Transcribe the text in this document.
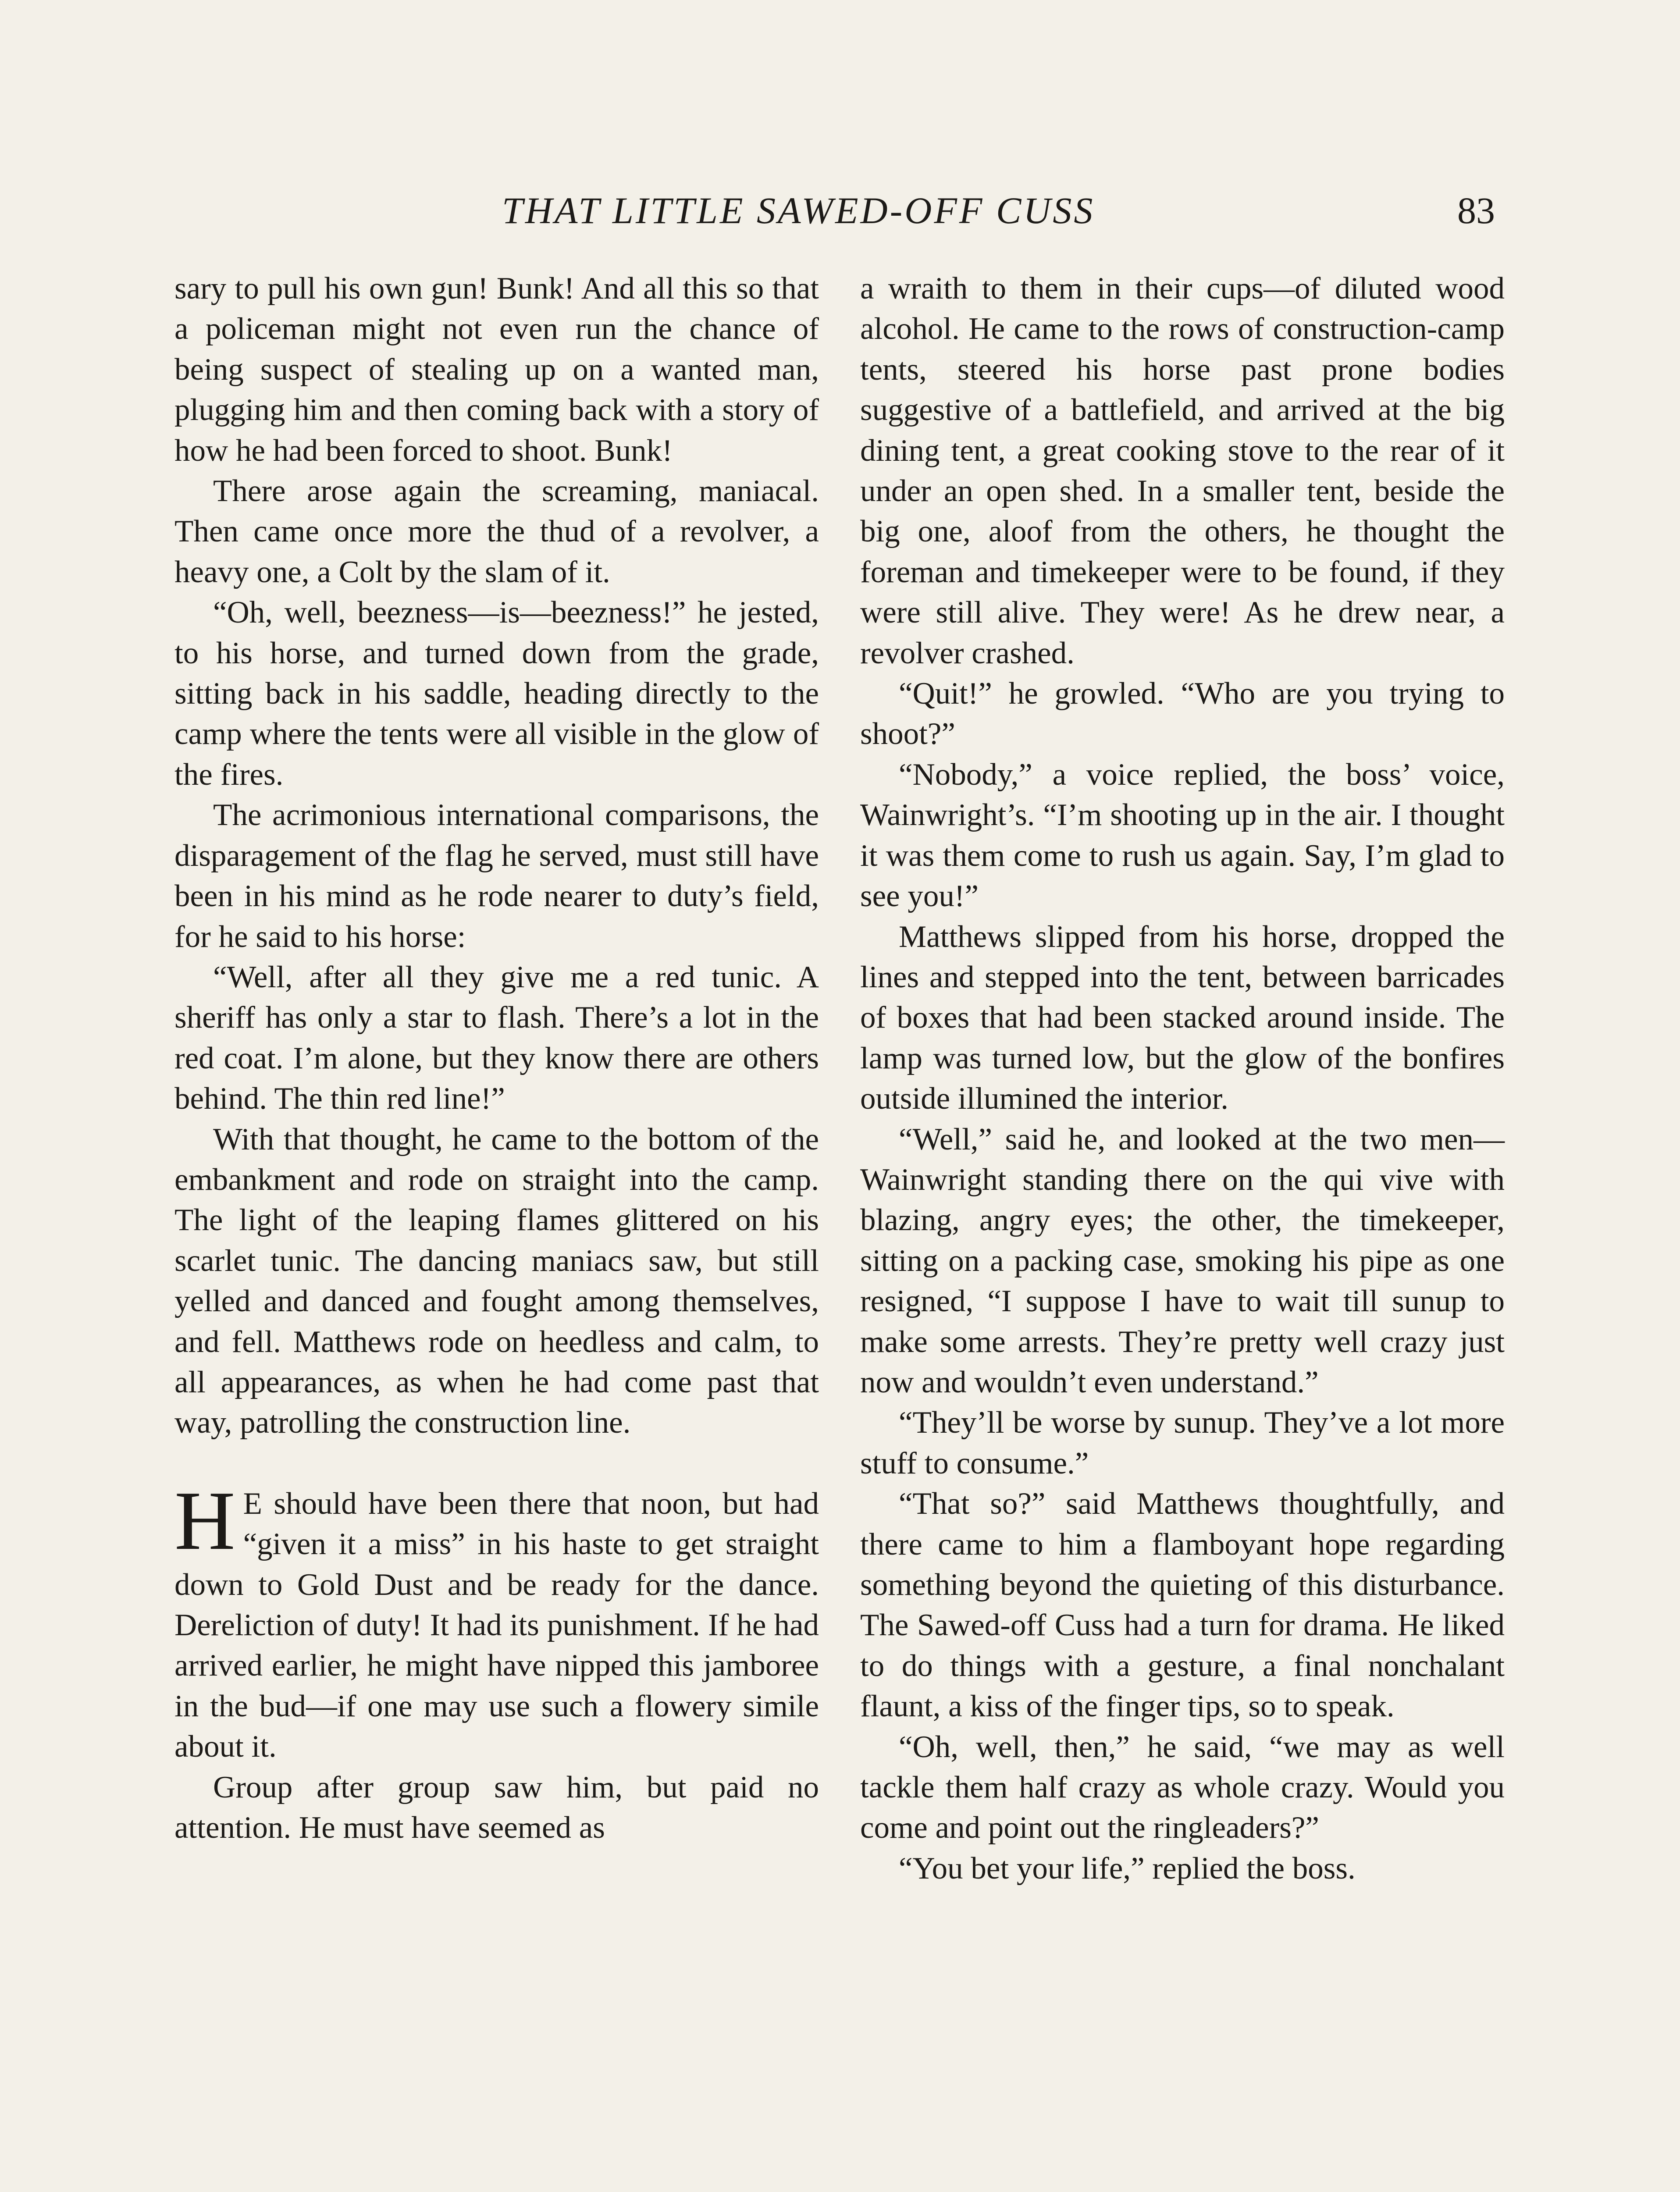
THAT LITTLE SAWED-OFF CUSS	83

sary to pull his own gun! Bunk! And all this so that a policeman might not even run the chance of being suspect of stealing up on a wanted man, plugging him and then coming back with a story of how he had been forced to shoot. Bunk!

There arose again the screaming, maniacal. Then came once more the thud of a revolver, a heavy one, a Colt by the slam of it.

“Oh, well, beezness—is—beezness!” he jested, to his horse, and turned down from the grade, sitting back in his saddle, heading directly to the camp where the tents were all visible in the glow of the fires.

The acrimonious international comparisons, the disparagement of the flag he served, must still have been in his mind as he rode nearer to duty’s field, for he said to his horse:

“Well, after all they give me a red tunic. A sheriff has only a star to flash. There’s a lot in the red coat. I’m alone, but they know there are others behind. The thin red line!”

With that thought, he came to the bottom of the embankment and rode on straight into the camp. The light of the leaping flames glittered on his scarlet tunic. The dancing maniacs saw, but still yelled and danced and fought among themselves, and fell. Matthews rode on heedless and calm, to all appearances, as when he had come past that way, patrolling the construction line.

H E should have been there that noon, but had “given it a miss” in his haste to get straight down to Gold Dust and be ready for the dance. Dereliction of duty! It had its punishment. If he had arrived earlier, he might have nipped this jamboree in the bud—if one may use such a flowery simile about it.

Group after group saw him, but paid no attention. He must have seemed as

a wraith to them in their cups—of diluted wood alcohol. He came to the rows of construction-camp tents, steered his horse past prone bodies suggestive of a battlefield, and arrived at the big dining tent, a great cooking stove to the rear of it under an open shed. In a smaller tent, beside the big one, aloof from the others, he thought the foreman and timekeeper were to be found, if they were still alive. They were! As he drew near, a revolver crashed.

“Quit!” he growled. “Who are you trying to shoot?”

“Nobody,” a voice replied, the boss’ voice, Wainwright’s. “I’m shooting up in the air. I thought it was them come to rush us again. Say, I’m glad to see you!”

Matthews slipped from his horse, dropped the lines and stepped into the tent, between barricades of boxes that had been stacked around inside. The lamp was turned low, but the glow of the bonfires outside illumined the interior.

“Well,” said he, and looked at the two men—Wainwright standing there on the qui vive with blazing, angry eyes; the other, the timekeeper, sitting on a packing case, smoking his pipe as one resigned, “I suppose I have to wait till sunup to make some arrests. They’re pretty well crazy just now and wouldn’t even understand.”

“They’ll be worse by sunup. They’ve a lot more stuff to consume.”

“That so?” said Matthews thoughtfully, and there came to him a flamboyant hope regarding something beyond the quieting of this disturbance. The Sawed-off Cuss had a turn for drama. He liked to do things with a gesture, a final nonchalant flaunt, a kiss of the finger tips, so to speak.

“Oh, well, then,” he said, “we may as well tackle them half crazy as whole crazy. Would you come and point out the ringleaders?”

“You bet your life,” replied the boss.
